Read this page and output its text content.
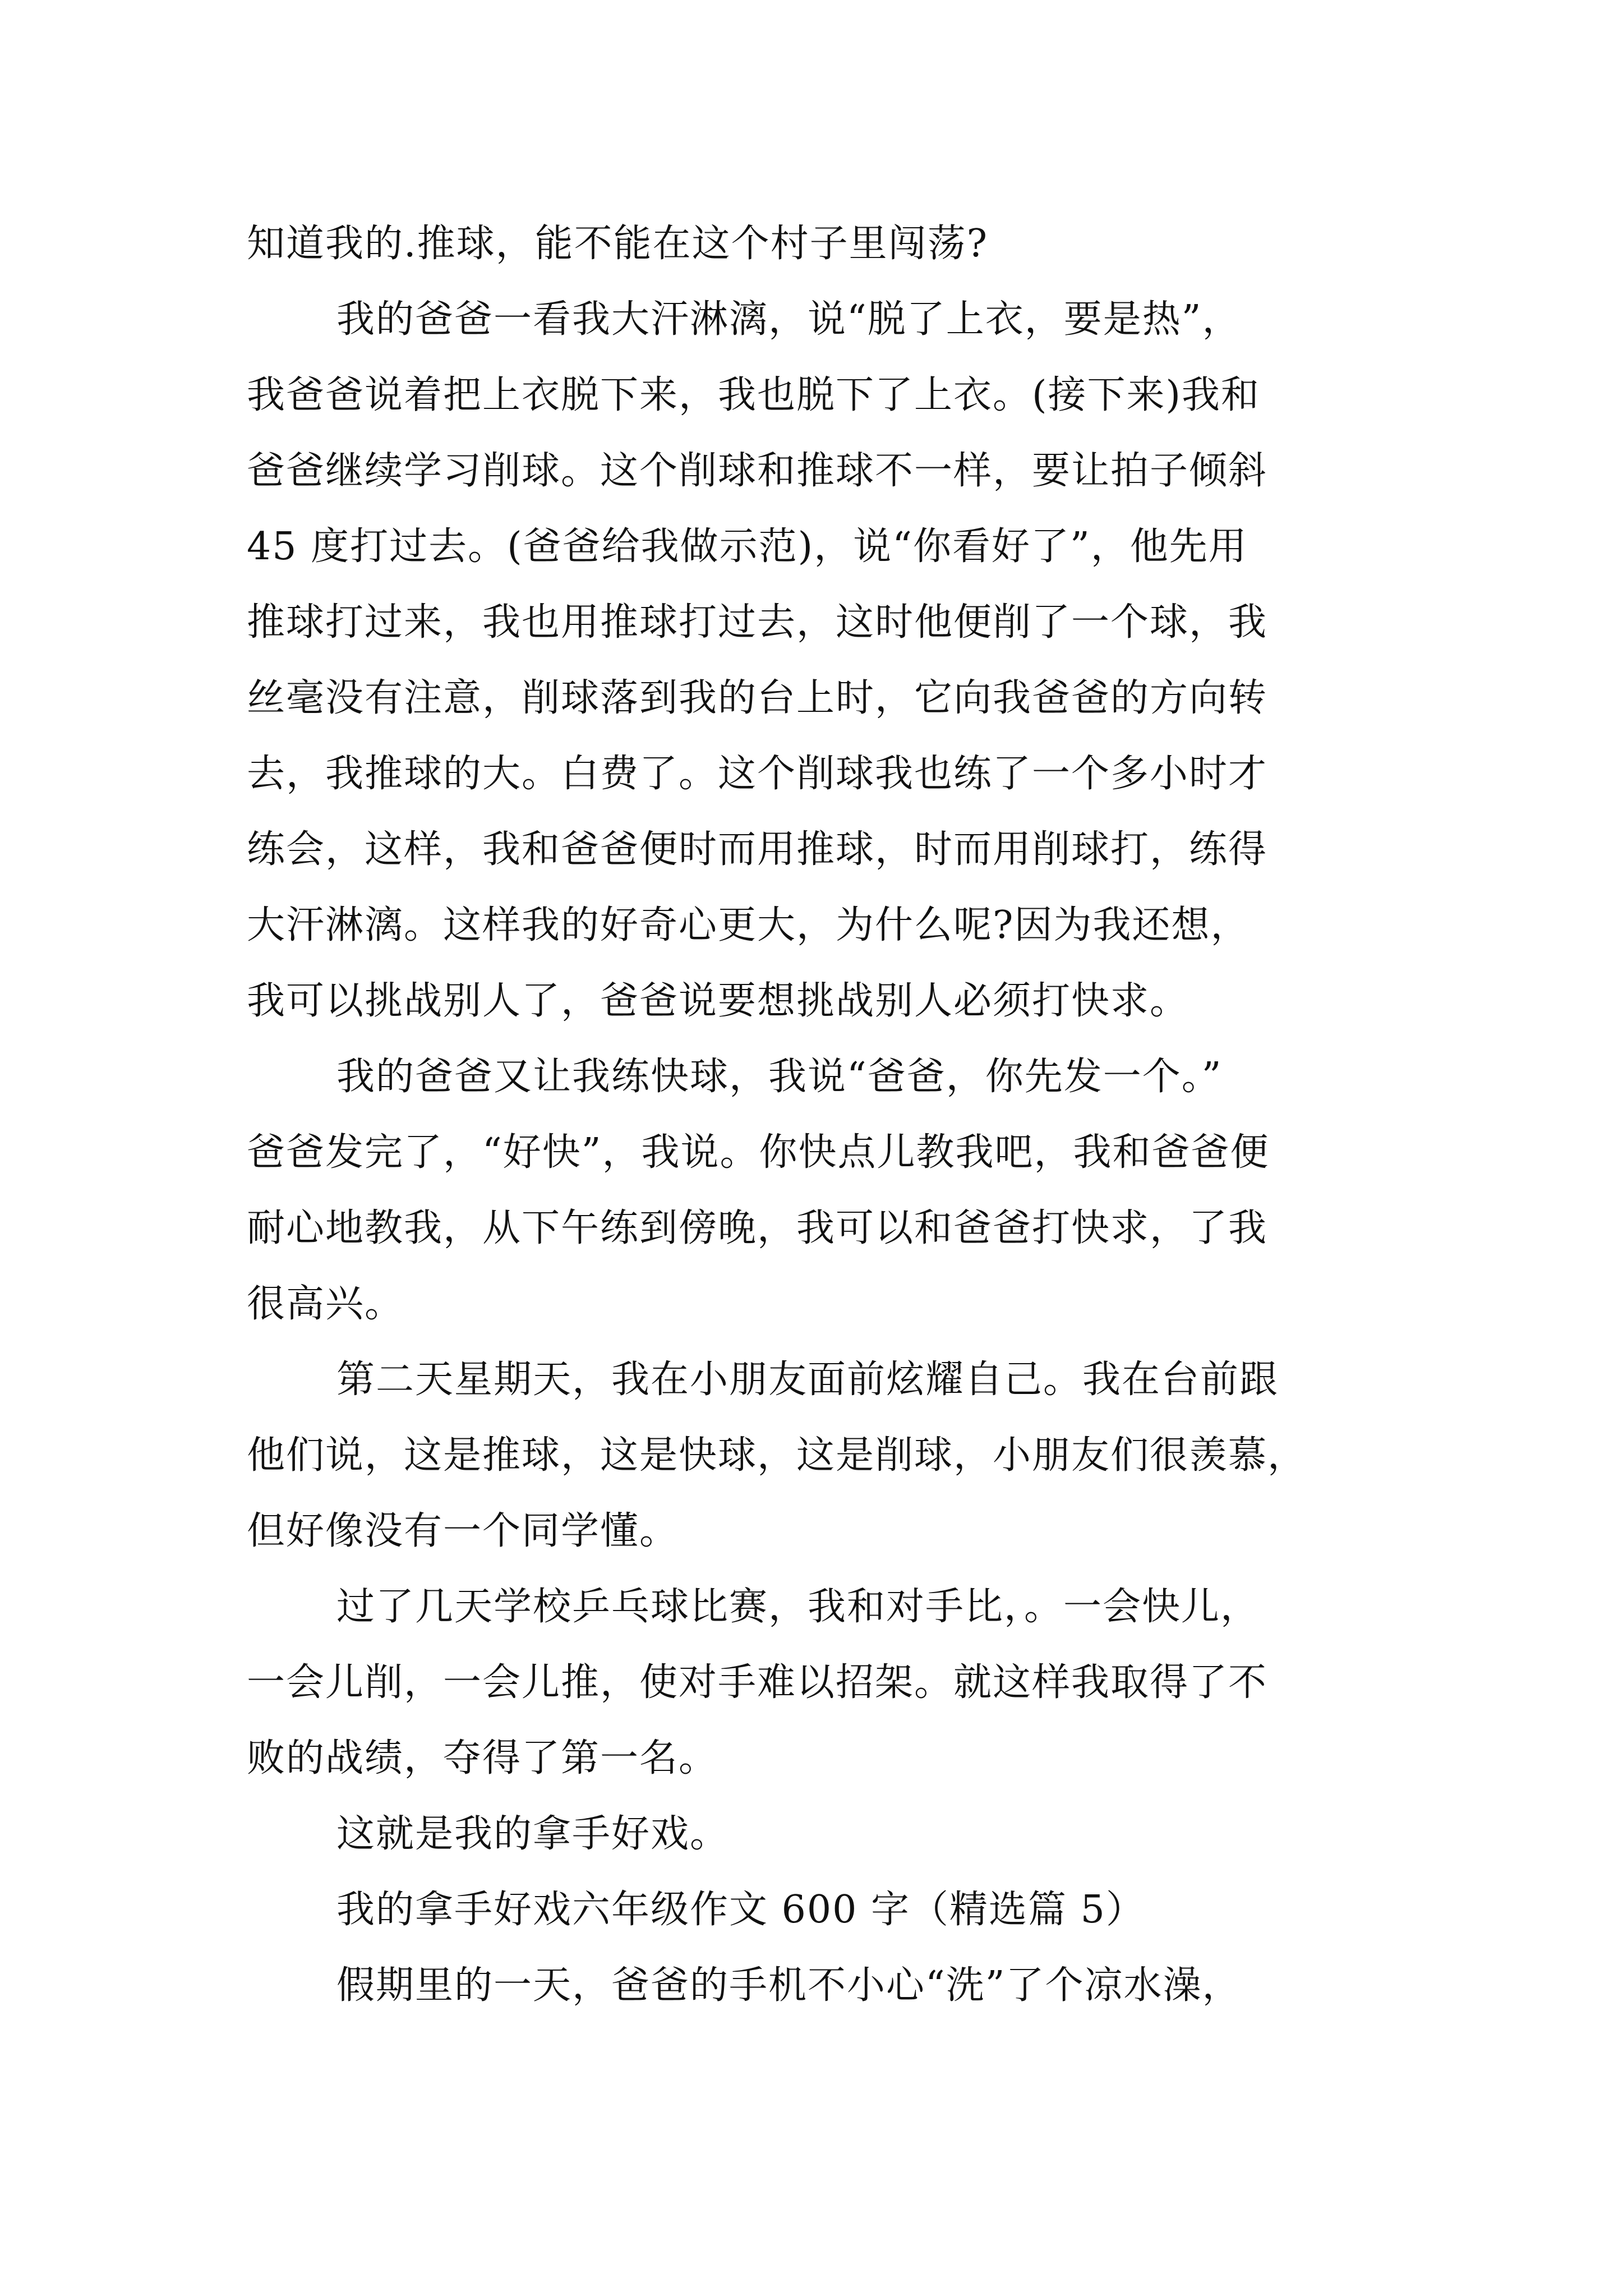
知道我的.推球，能不能在这个村子里闯荡?
我的爸爸一看我大汗淋漓，说“脱了上衣，要是热”，
我爸爸说着把上衣脱下来，我也脱下了上衣。(接下来)我和
爸爸继续学习削球。这个削球和推球不一样，要让拍子倾斜
45 度打过去。(爸爸给我做示范)，说“你看好了”，他先用
推球打过来，我也用推球打过去，这时他便削了一个球，我
丝毫没有注意，削球落到我的台上时，它向我爸爸的方向转
去，我推球的大。白费了。这个削球我也练了一个多小时才
练会，这样，我和爸爸便时而用推球，时而用削球打，练得
大汗淋漓。这样我的好奇心更大，为什么呢?因为我还想，
我可以挑战别人了，爸爸说要想挑战别人必须打快求。
我的爸爸又让我练快球，我说“爸爸，你先发一个。”
爸爸发完了，“好快”，我说。你快点儿教我吧，我和爸爸便
耐心地教我，从下午练到傍晚，我可以和爸爸打快求，了我
很高兴。
第二天星期天，我在小朋友面前炫耀自己。我在台前跟
他们说，这是推球，这是快球，这是削球，小朋友们很羡慕，
但好像没有一个同学懂。
过了几天学校乒乓球比赛，我和对手比，。一会快儿，
一会儿削，一会儿推，使对手难以招架。就这样我取得了不
败的战绩，夺得了第一名。
这就是我的拿手好戏。
我的拿手好戏六年级作文 600 字（精选篇 5）
假期里的一天，爸爸的手机不小心“洗”了个凉水澡，
